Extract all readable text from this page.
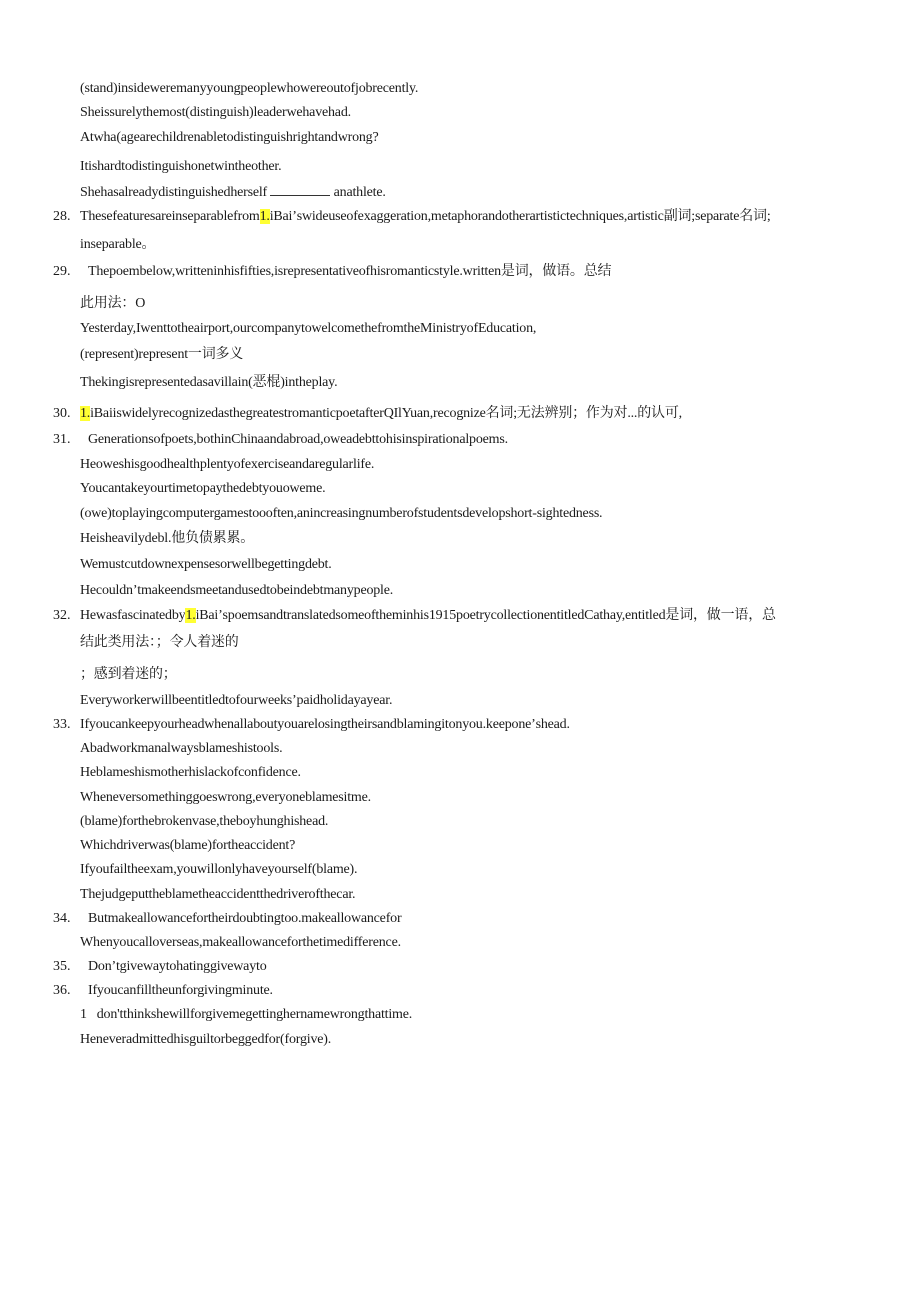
(stand)insideweremanyyoungpeoplewhowereoutofjobrecently.
Sheissurelythemost(distinguish)leaderwehavehad.
Atwha(agearechildrenabletodistinguishrightandwrong?
Itishardtodistinguishonetwintheother.
Shehasalreadydistinguishedherself	anathlete.
28. Thesefeaturesareinseparablefrom1.iBaiʼswideuseofexaggeration,metaphorandotherartistictechniques,artistic副词;separate名词;
inseparable。
29. Thepoembelow,writteninhisfifties,isrepresentativeofhisromanticstyle.written是词，做语。总结
此用法：O
Yesterday,Iwenttotheairport,ourcompanytowelcomethefromtheMinistryofEducation,
(represent)represent一词多义
Thekingisrepresentedasavillain(恶棍)intheplay.
30. 1.iBaiiswidelyrecognizedasthegreatestromanticpoetafterQIlYuan,recognize名词;无法辨别；作为对...的认可,
31. Generationsofpoets,bothinChinaandabroad,oweadebttohisinspirationalpoems.
Heoweshisgoodhealthplentyofexerciseandaregularlife.
Youcantakeyourtimetopaythedebtyouoweme.
(owe)toplayingcomputergamestoooften,anincreasingnumberofstudentsdevelopshort-sightedness.
Heisheavilydebl.他负债累累。
Wemustcutdownexpensesorwellbegettingdebt.
Hecouldnʼtmakeendsmeetandusedtobeindebtmanypeople.
32. Hewasfascinatedby1.iBaiʼspoemsandtranslatedsomeoftheminhis1915poetrycollectionentitledCathay,entitled是词，做一语，总
结此类用法：；令人着迷的
；感到着迷的；
Everyworkerwillbeentitledtofourweeksʼpaidholidayayear.
33. Ifyoucankeepyourheadwhenallaboutyouarelosingtheirsandblamingitonyou.keeponeʼshead.
Abadworkmanalwaysblameshistools.
Heblameshismotherhislackofconfidence.
Wheneversomethinggoeswrong,everyoneblamesitme.
(blame)forthebrokenvase,theboyhunghishead.
Whichdriverwas(blame)fortheaccident?
Ifyoufailtheexam,youwillonlyhaveyourself(blame).
Thejudgeputtheblametheaccidentthedriverofthecar.
34. Butmakeallowancefortheirdoubtingtoo.makeallowancefor
Whenyoucalloverseas,makeallowanceforthetimedifference.
35. Donʼtgivewaytohatinggivewayto
36. Ifyoucanfilltheunforgivingminute.
1 don'tthinkshewillforgivemegettinghernamewrongthattime.
Heneveradmittedhisguiltorbeggedfor(forgive).
